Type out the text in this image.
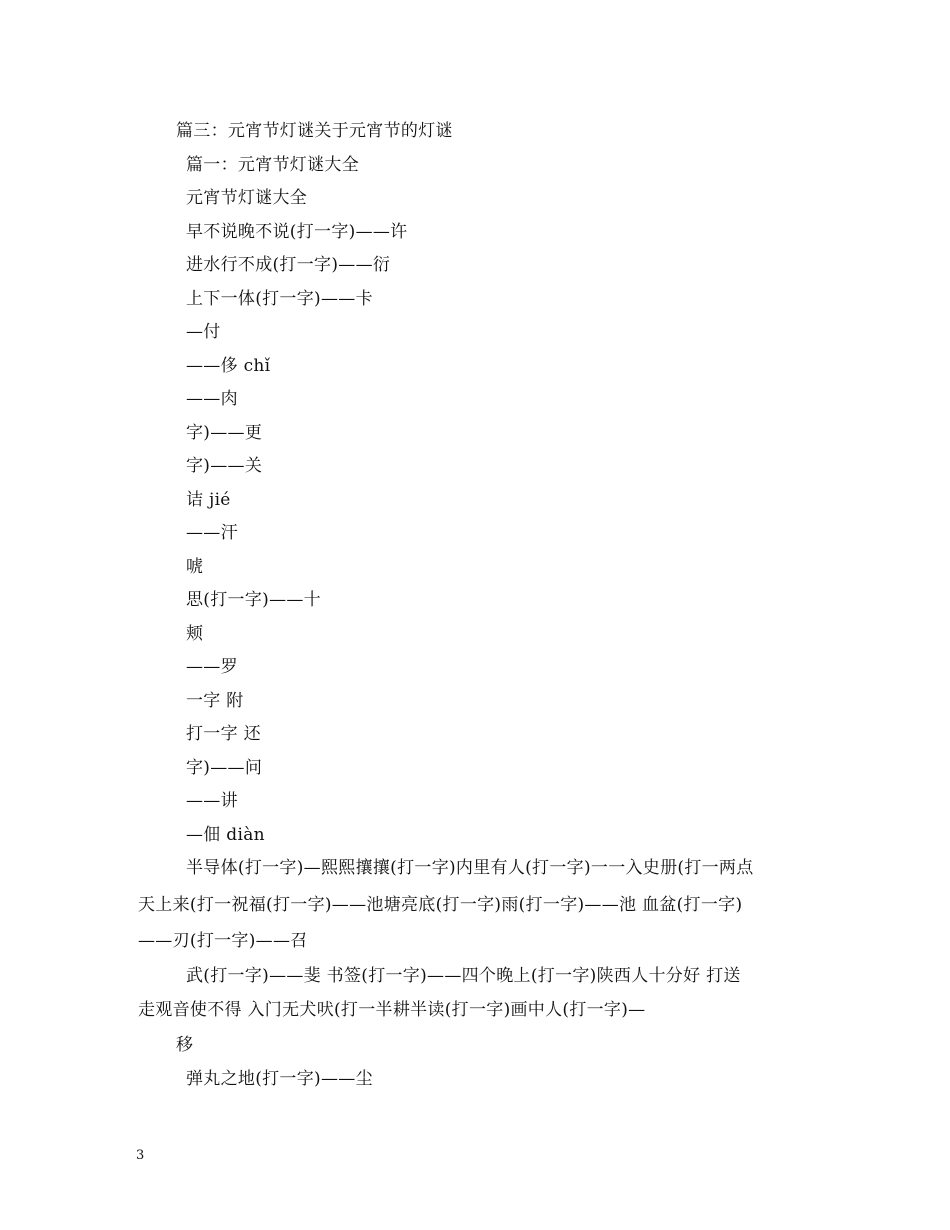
篇三：元宵节灯谜关于元宵节的灯谜
篇一：元宵节灯谜大全
元宵节灯谜大全
早不说晚不说(打一字)——许
进水行不成(打一字)——衍
上下一体(打一字)——卡
—付
——侈 chǐ
——肉
字)——更
字)——关
诘 jié
——汗
唬
思(打一字)——十
颊
——罗
一字 附
打一字 还
字)——问
——讲
—佃 diàn
半导体(打一字)—熙熙攘攘(打一字)内里有人(打一字)一一入史册(打一两点
天上来(打一祝福(打一字)——池塘亮底(打一字)雨(打一字)——池 血盆(打一字)
——刃(打一字)——召
武(打一字)——斐 书签(打一字)——四个晚上(打一字)陕西人十分好 打送
走观音使不得 入门无犬吠(打一半耕半读(打一字)画中人(打一字)—
移
弹丸之地(打一字)——尘
3
